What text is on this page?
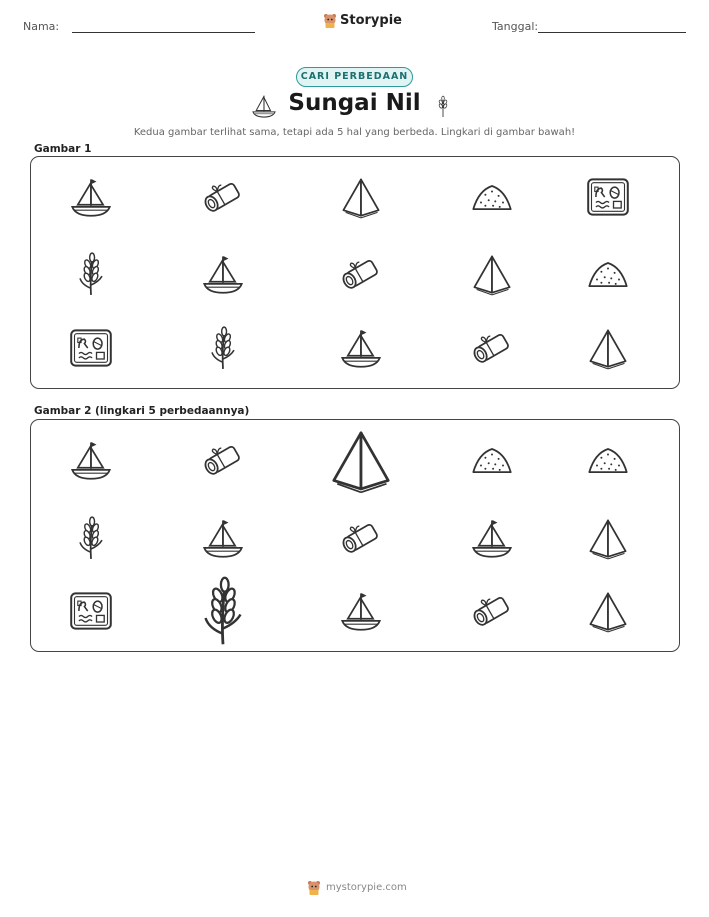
Nama:	Storypie	Tanggal:
CARI PERBEDAAN
Sungai Nil
Kedua gambar terlihat sama, tetapi ada 5 hal yang berbeda. Lingkari di gambar bawah!
Gambar 1
Gambar 2 (lingkari 5 perbedaannya)
mystorypie.com
